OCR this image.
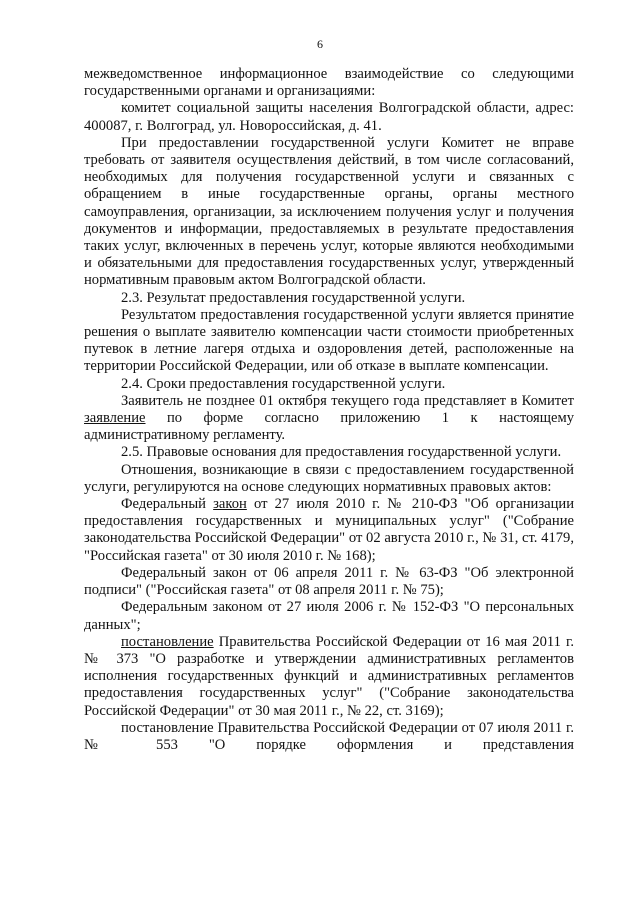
6

межведомственное информационное взаимодействие со следующими государственными органами и организациями:

комитет социальной защиты населения Волгоградской области, адрес: 400087, г. Волгоград, ул. Новороссийская, д. 41.

При предоставлении государственной услуги Комитет не вправе требовать от заявителя осуществления действий, в том числе согласований, необходимых для получения государственной услуги и связанных с обращением в иные государственные органы, органы местного самоуправления, организации, за исключением получения услуг и получения документов и информации, предоставляемых в результате предоставления таких услуг, включенных в перечень услуг, которые являются необходимыми и обязательными для предоставления государственных услуг, утвержденный нормативным правовым актом Волгоградской области.

2.3. Результат предоставления государственной услуги.

Результатом предоставления государственной услуги является принятие решения о выплате заявителю компенсации части стоимости приобретенных путевок в летние лагеря отдыха и оздоровления детей, расположенные на территории Российской Федерации, или об отказе в выплате компенсации.

2.4. Сроки предоставления государственной услуги.

Заявитель не позднее 01 октября текущего года представляет в Комитет заявление по форме согласно приложению 1 к настоящему административному регламенту.

2.5. Правовые основания для предоставления государственной услуги.

Отношения, возникающие в связи с предоставлением государственной услуги, регулируются на основе следующих нормативных правовых актов:

Федеральный закон от 27 июля 2010 г. № 210-ФЗ "Об организации предоставления государственных и муниципальных услуг" ("Собрание законодательства Российской Федерации" от 02 августа 2010 г., № 31, ст. 4179, "Российская газета" от 30 июля 2010 г. № 168);

Федеральный закон от 06 апреля 2011 г. № 63-ФЗ "Об электронной подписи" ("Российская газета" от 08 апреля 2011 г. № 75);

Федеральным законом от 27 июля 2006 г. № 152-ФЗ "О персональных данных";

постановление Правительства Российской Федерации от 16 мая 2011 г. № 373 "О разработке и утверждении административных регламентов исполнения государственных функций и административных регламентов предоставления государственных услуг" ("Собрание законодательства Российской Федерации" от 30 мая 2011 г., № 22, ст. 3169);

постановление Правительства Российской Федерации от 07 июля 2011 г. № 553 "О порядке оформления и представления
